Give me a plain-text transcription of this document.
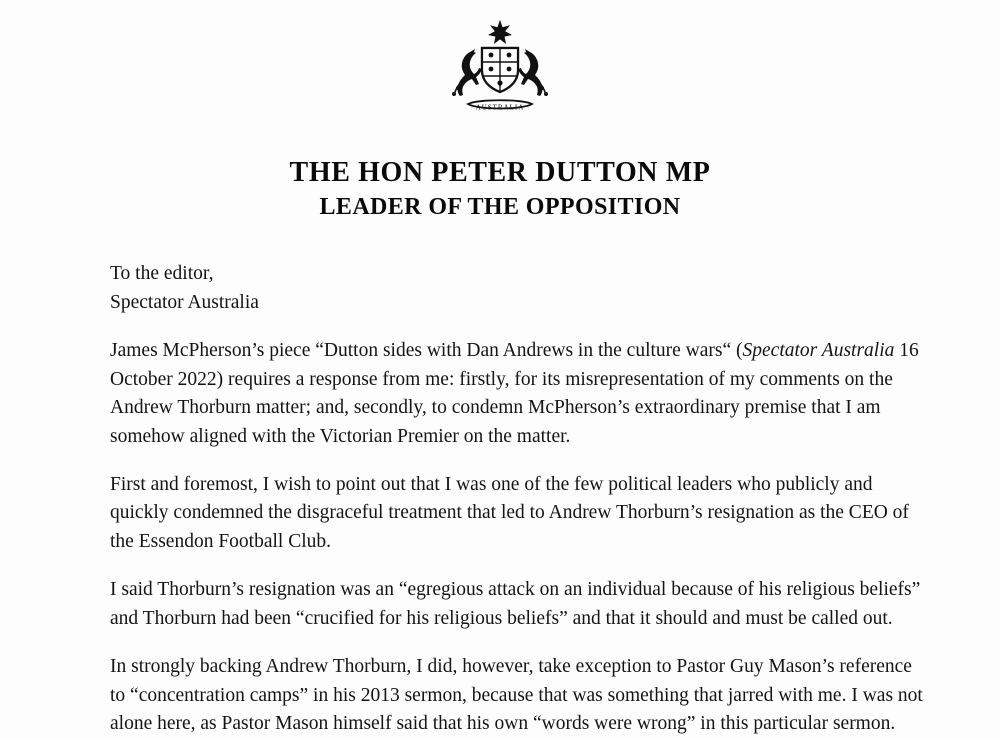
AUSTRALIA
THE HON PETER DUTTON MP
LEADER OF THE OPPOSITION
To the editor,
Spectator Australia

James McPherson’s piece “Dutton sides with Dan Andrews in the culture wars“ (Spectator Australia 16 October 2022) requires a response from me: firstly, for its misrepresentation of my comments on the Andrew Thorburn matter; and, secondly, to condemn McPherson’s extraordinary premise that I am somehow aligned with the Victorian Premier on the matter.

First and foremost, I wish to point out that I was one of the few political leaders who publicly and quickly condemned the disgraceful treatment that led to Andrew Thorburn’s resignation as the CEO of the Essendon Football Club.

I said Thorburn’s resignation was an “egregious attack on an individual because of his religious beliefs” and Thorburn had been “crucified for his religious beliefs” and that it should and must be called out.

In strongly backing Andrew Thorburn, I did, however, take exception to Pastor Guy Mason’s reference to “concentration camps” in his 2013 sermon, because that was something that jarred with me. I was not alone here, as Pastor Mason himself said that his own “words were wrong” in this particular sermon.
